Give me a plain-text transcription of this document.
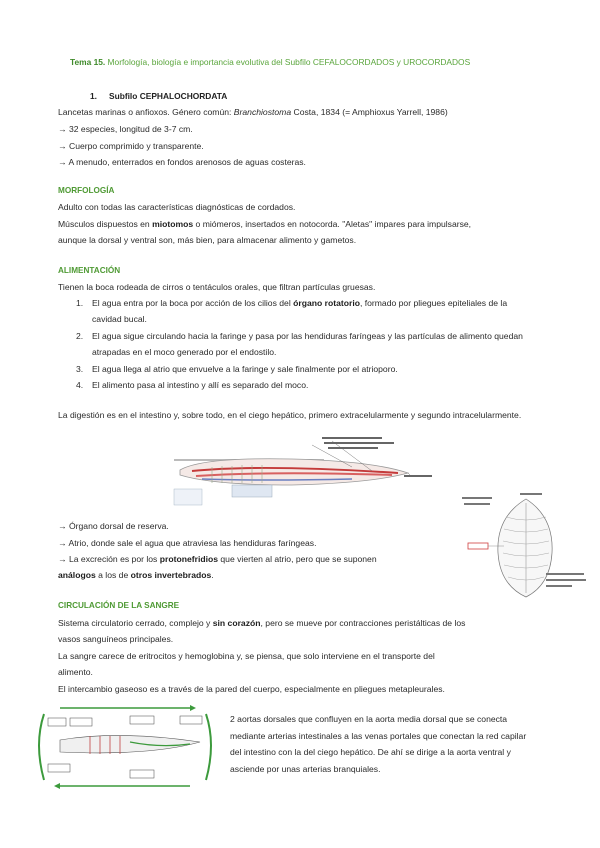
Tema 15. Morfología, biología e importancia evolutiva del Subfilo CEFALOCORDADOS y UROCORDADOS
1. Subfilo CEPHALOCHORDATA
Lancetas marinas o anfioxos. Género común: Branchiostoma Costa, 1834 (= Amphioxus Yarrell, 1986)
→ 32 especies, longitud de 3-7 cm.
→ Cuerpo comprimido y transparente.
→ A menudo, enterrados en fondos arenosos de aguas costeras.
MORFOLOGÍA
Adulto con todas las características diagnósticas de cordados.
Músculos dispuestos en miotomos o miómeros, insertados en notocorda. "Aletas" impares para impulsarse,
aunque la dorsal y ventral son, más bien, para almacenar alimento y gametos.
ALIMENTACIÓN
Tienen la boca rodeada de cirros o tentáculos orales, que filtran partículas gruesas.
1. El agua entra por la boca por acción de los cilios del órgano rotatorio, formado por pliegues epiteliales de la cavidad bucal.
2. El agua sigue circulando hacia la faringe y pasa por las hendiduras faríngeas y las partículas de alimento quedan atrapadas en el moco generado por el endostilo.
3. El agua llega al atrio que envuelve a la faringe y sale finalmente por el atrioporo.
4. El alimento pasa al intestino y allí es separado del moco.
La digestión es en el intestino y, sobre todo, en el ciego hepático, primero extracelularmente y segundo intracelularmente.
→ Órgano dorsal de reserva.
→ Atrio, donde sale el agua que atraviesa las hendiduras faríngeas.
→ La excreción es por los protonefridios que vierten al atrio, pero que se suponen
análogos a los de otros invertebrados.
CIRCULACIÓN DE LA SANGRE
Sistema circulatorio cerrado, complejo y sin corazón, pero se mueve por contracciones peristálticas de los
vasos sanguíneos principales.
La sangre carece de eritrocitos y hemoglobina y, se piensa, que solo interviene en el transporte del
alimento.
El intercambio gaseoso es a través de la pared del cuerpo, especialmente en pliegues metapleurales.
2 aortas dorsales que confluyen en la aorta media dorsal que se conecta mediante arterias intestinales a las venas portales que conectan la red capilar del intestino con la del ciego hepático. De ahí se dirige a la aorta ventral y asciende por unas arterias branquiales.
